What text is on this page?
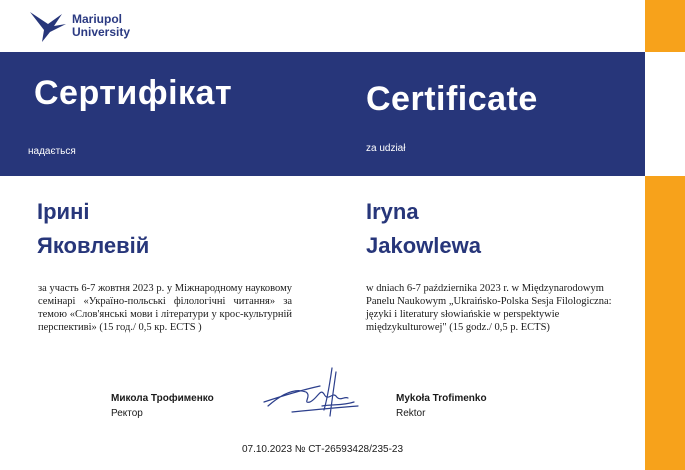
Mariupol
University
Сертифікат	Certificate
надається	za udział
Ірині
Яковлевій
Iryna
Jakowlewa
за участь 6-7 жовтня 2023 р. у Міжнародному науковому семінарі «Україно-польські філологічні читання» за темою «Слов'янські мови і літератури у крос-культурній перспективі» (15 год./ 0,5 кр. ECTS )
w dniach 6-7 października 2023 r. w Międzynarodowym Panelu Naukowym „Ukraińsko-Polska Sesja Filologiczna: języki i literatury słowiańskie w perspektywie międzykulturowej" (15 godz./ 0,5 p. ECTS)
Микола Трофименко
Ректор
Mykoła Trofimenko
Rektor
07.10.2023 № СТ-26593428/235-23
